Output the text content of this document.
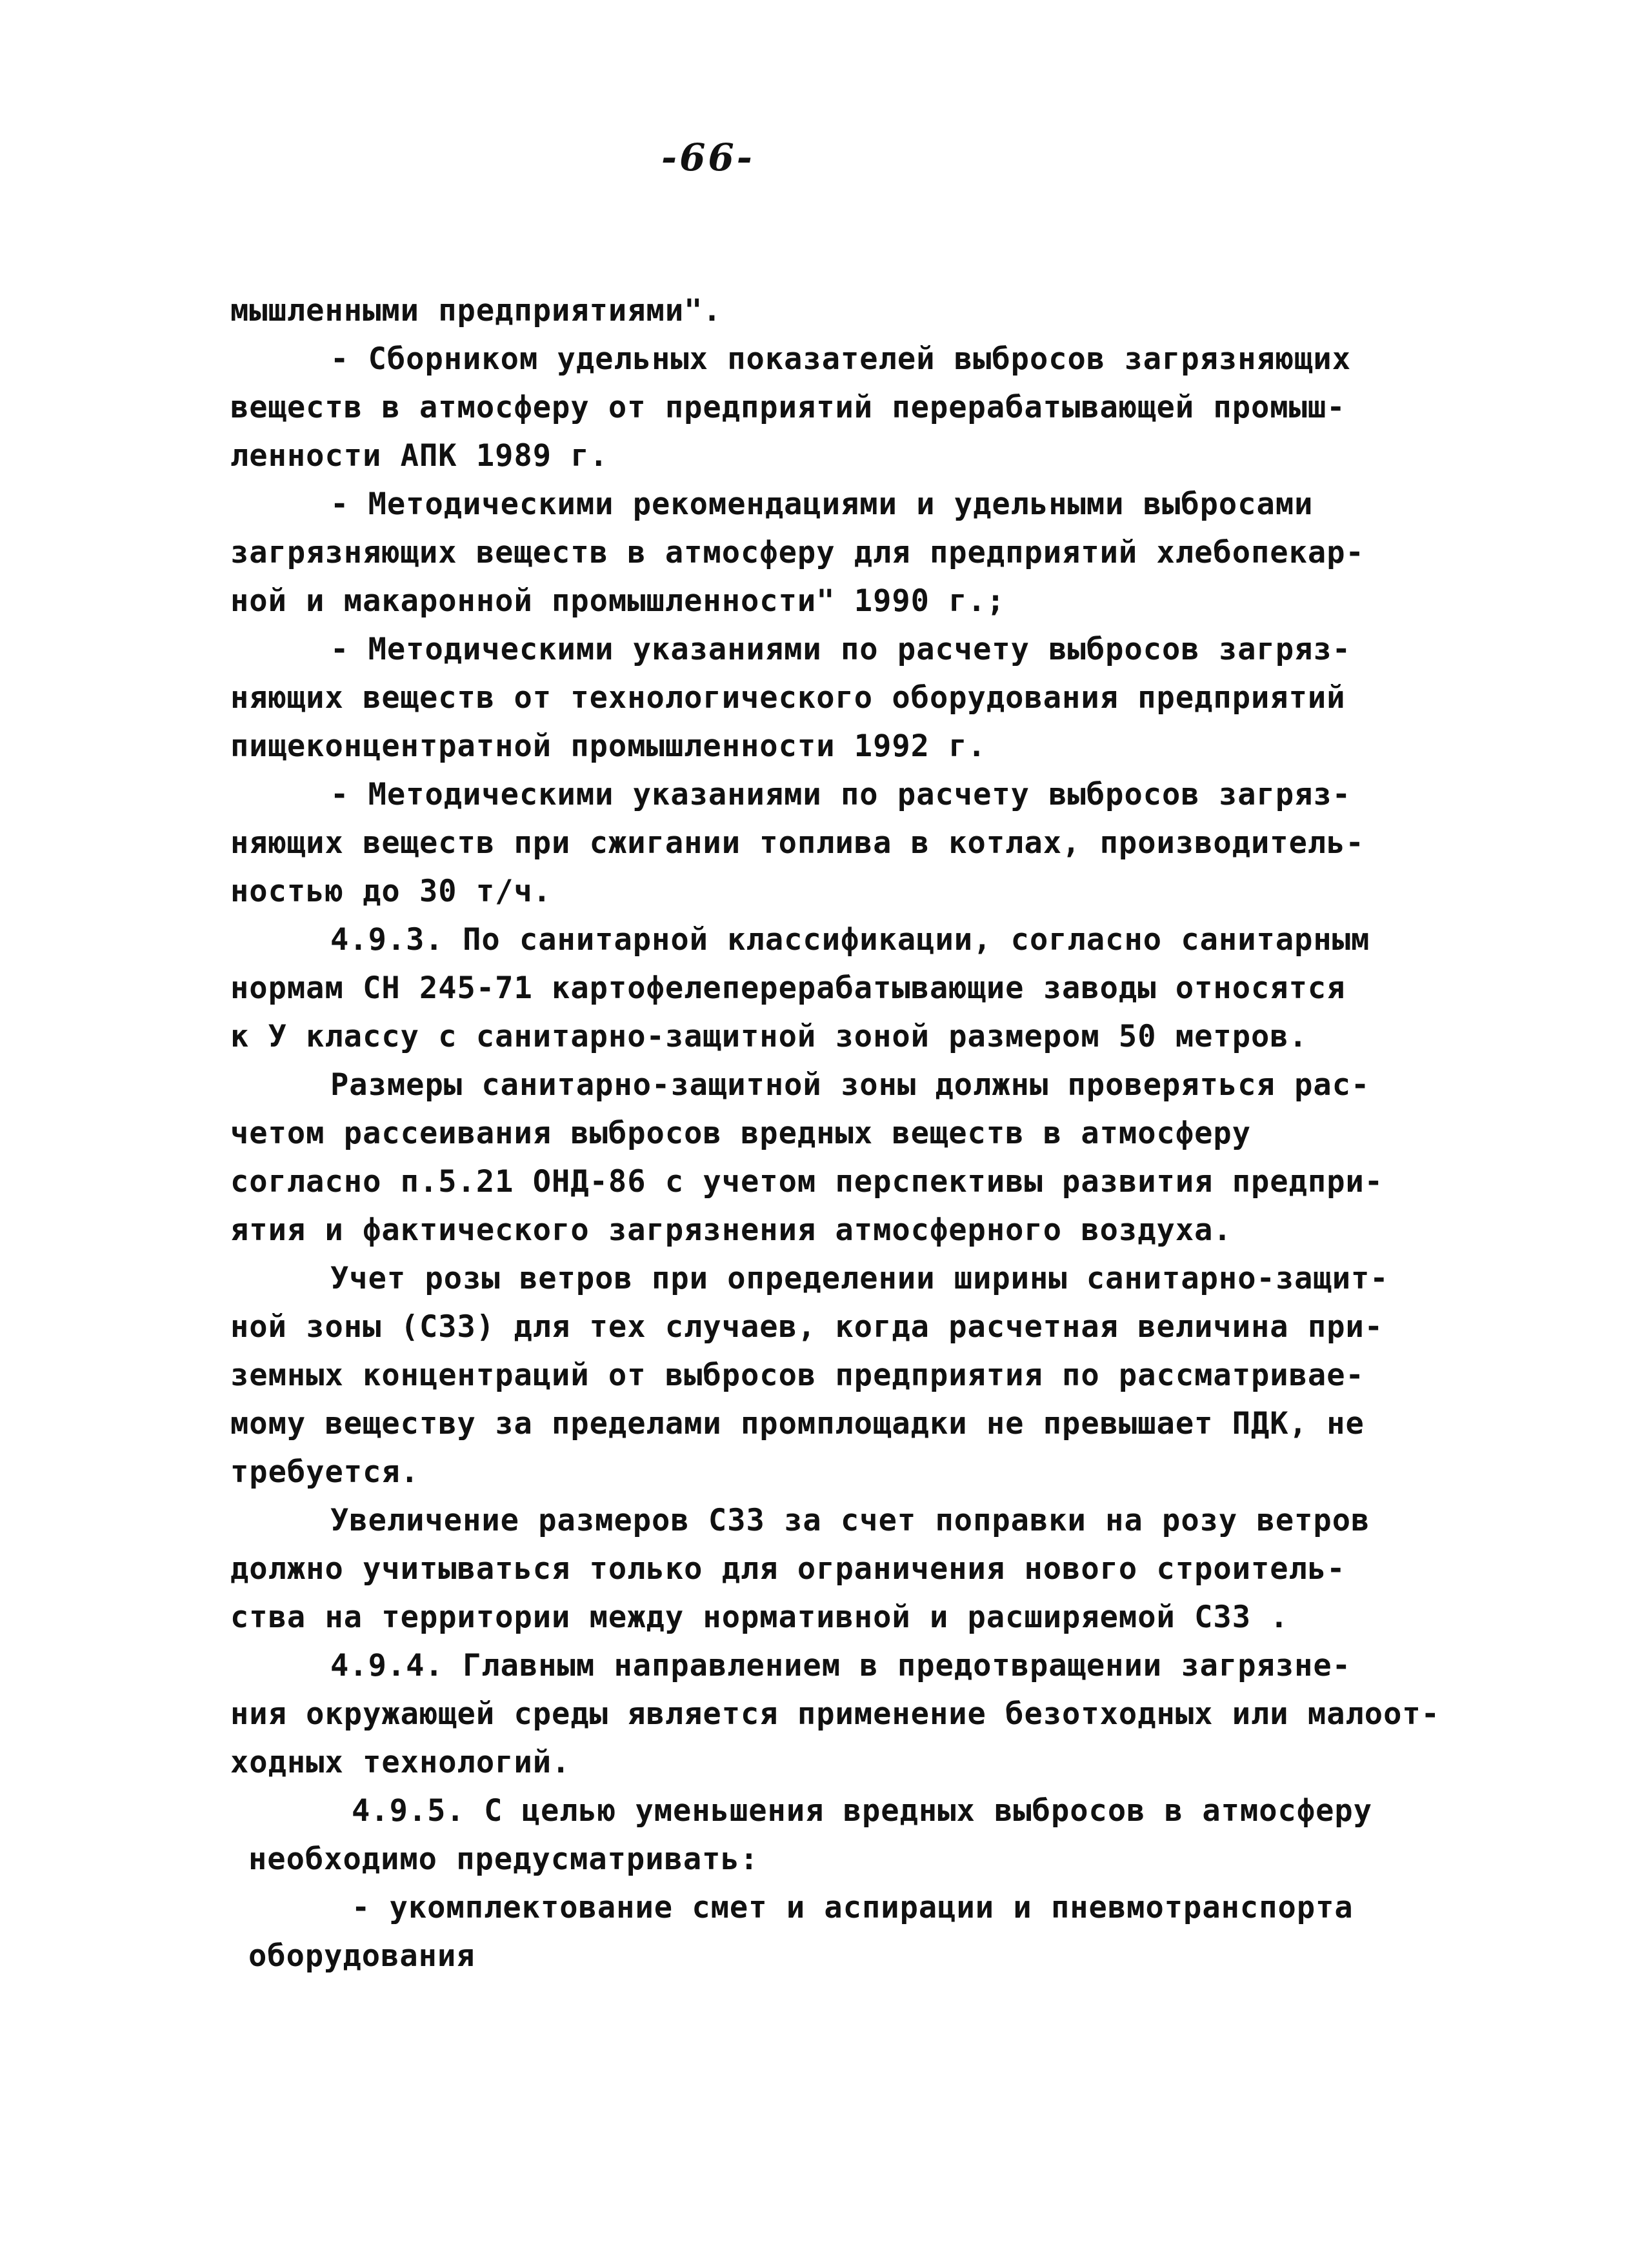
-66-
мышленными предприятиями".
- Сборником удельных показателей выбросов загрязняющих
веществ в атмосферу от предприятий перерабатывающей промыш-
ленности АПК 1989 г.
- Методическими рекомендациями и удельными выбросами
загрязняющих веществ в атмосферу для предприятий хлебопекар-
ной и макаронной промышленности" 1990 г.;
- Методическими указаниями по расчету выбросов загряз-
няющих веществ от технологического оборудования предприятий
пищеконцентратной промышленности 1992 г.
- Методическими указаниями по расчету выбросов загряз-
няющих веществ при сжигании топлива в котлах, производитель-
ностью до 30 т/ч.
4.9.3. По санитарной классификации, согласно санитарным
нормам СН 245-71 картофелеперерабатывающие заводы относятся
к У классу с санитарно-защитной зоной размером 50 метров.
Размеры санитарно-защитной зоны должны проверяться рас-
четом рассеивания выбросов вредных веществ в атмосферу
согласно п.5.21 ОНД-86 с учетом перспективы развития предпри-
ятия и фактического загрязнения атмосферного воздуха.
Учет розы ветров при определении ширины санитарно-защит-
ной зоны (СЗЗ) для тех случаев, когда расчетная величина при-
земных концентраций от выбросов предприятия по рассматривае-
мому веществу за пределами промплощадки не превышает ПДК, не
требуется.
Увеличение размеров СЗЗ за счет поправки на розу ветров
должно учитываться только для ограничения нового строитель-
ства на территории между нормативной и расширяемой СЗЗ .
4.9.4. Главным направлением в предотвращении загрязне-
ния окружающей среды является применение безотходных или малоот-
ходных технологий.
4.9.5. С целью уменьшения вредных выбросов в атмосферу
необходимо предусматривать:
- укомплектование смет и аспирации и пневмотранспорта
оборудования
